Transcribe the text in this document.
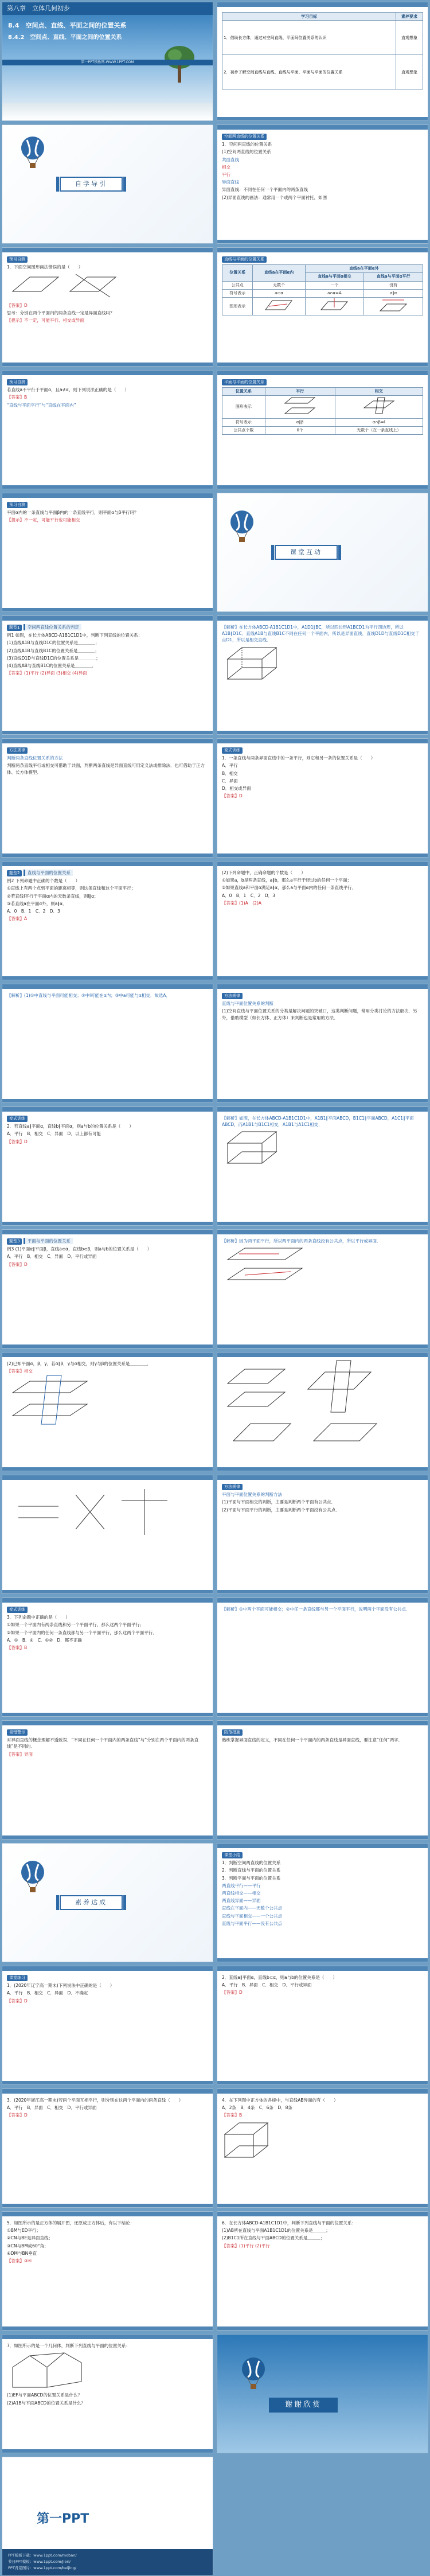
第八章　立体几何初步
8.4　空间点、直线、平面之间的位置关系
8.4.2　空间点、直线、平面之间的位置关系
第一PPT模板网-WWW.1PPT.COM
学习目标	素养要求
1．借助长方体，通过对空间直线、平面间位置关系的认识	直观想象
2．初步了解空间直线与直线、直线与平面、平面与平面的位置关系	直观想象
自学导引

空间两直线的位置关系

1．空间两直线的位置关系

(1)空间两直线的位置关系

共面直线

相交

平行

异面直线

异面直线：不同在任何一个平面内的两条直线

(2)异面直线的画法：通常用一个或两个平面衬托，如图

预习自测

1．下面空间图形画法错误的是（　　）

【答案】D

思考：分别在两个平面内的两条直线一定是异面直线吗？

【提示】不一定，可能平行、相交或异面

直线与平面的位置关系

位置关系	直线a在平面α内	直线a在平面α外	
		直线a与平面α相交	直线a与平面α平行
公共点	无数个	一个	没有
符号表示	a⊂α	a∩α=A	a∥α
图形表示			

预习自测

若直线a不平行于平面α，且a⊄α，则下列说法正确的是（　　）

【答案】B

“直线与平面平行”与“直线在平面内”

平面与平面的位置关系

位置关系	平行	相交
图形表示		
符号表示	α∥β	α∩β=l
公共点个数	0个	无数个（在一条直线上）

预习自测

平面α内的一条直线与平面β内的一条直线平行，则平面α与β平行吗？

【提示】不一定，可能平行也可能相交

课堂互动

题型1 空间两直线位置关系的判定

例1 如图，在长方体ABCD-A1B1C1D1中，判断下列直线的位置关系：

(1)直线A1B与直线D1C的位置关系是＿＿＿＿；

(2)直线A1B与直线B1C的位置关系是＿＿＿＿；

(3)直线D1D与直线D1C的位置关系是＿＿＿＿；

(4)直线AB与直线B1C的位置关系是＿＿＿＿．

【答案】(1)平行 (2)异面 (3)相交 (4)异面

【解析】在长方体ABCD-A1B1C1D1中，A1D1∥BC，所以四边形A1BCD1为平行四边形，所以A1B∥D1C．直线A1B与直线B1C不同在任何一个平面内，所以是异面直线．直线D1D与直线D1C相交于点D1，所以是相交直线．

方法规律

判断两条直线位置关系的方法

判断两条直线平行或相交可借助于共面，判断两条直线是异面直线可用定义法或排除法．也可借助于正方体、长方体模型．

变式训练

1．一条直线与两条异面直线中的一条平行，则它和另一条的位置关系是（　　）

A．平行

B．相交

C．异面

D．相交或异面

【答案】D

题型2 直线与平面的位置关系

例2 下列命题中正确的个数是（　　）

①直线上有两个点到平面的距离相等，则这条直线和这个平面平行；

②若直线l平行于平面α内的无数条直线，则l∥α；

③若直线a在平面α外，则a∥α．

A．0　 B．1　 C．2　 D．3

【答案】A

(2)下列命题中，正确命题的个数是（　　）

①如果a，b是两条直线，a∥b，那么a平行于经过b的任何一个平面；

②如果直线a和平面α满足a∥α，那么a与平面α内的任何一条直线平行．

A．0　 B．1　 C．2　 D．3

【答案】(1)A　(2)A

【解析】(1)①中直线与平面可能相交；②中l可能在α内；③中a可能与α相交．故选A．	方法规律

直线与平面位置关系的判断

(1)空间直线与平面位置关系的分类是解决问题的突破口，这类判断问题，常用分类讨论的方法解决．另外，借助模型（如长方体、正方体）来判断也是常用的方法．

变式训练

2．若直线a∥平面α，直线b∥平面α，则a与b的位置关系是（　　）

A．平行　 B．相交　 C．异面　 D．以上都有可能

【答案】D

【解析】如图，在长方体ABCD-A1B1C1D1中，A1B1∥平面ABCD，B1C1∥平面ABCD，A1C1∥平面ABCD，而A1B1与B1C1相交，A1B1与A1C1相交．

题型3 平面与平面的位置关系

例3 (1)平面α∥平面β，直线a⊂α，直线b⊂β，则a与b的位置关系是（　　）

A．平行　 B．相交　 C．异面　 D．平行或异面

【答案】D

【解析】因为两平面平行，所以两平面内的两条直线没有公共点，所以平行或异面．

(2)已知平面α，β，γ，若α∥β，γ与α相交，则γ与β的位置关系是＿＿＿＿．

【答案】相交

方法规律

平面与平面位置关系的判断方法

(1)平面与平面相交的判断，主要是判断两个平面有公共点．

(2)平面与平面平行的判断，主要是判断两个平面没有公共点．

变式训练

3．下列命题中正确的是（　　）

①如果一个平面内有两条直线和另一个平面平行，那么这两个平面平行；

②如果一个平面内的任何一条直线都与另一个平面平行，那么这两个平面平行．

A．①　 B．②　 C．①②　 D．都不正确

【答案】B

【解析】①中两个平面可能相交；②中任一条直线都与另一个平面平行，说明两个平面没有公共点．

易错警示

对异面直线的概念理解不透致误．“不同在任何一个平面内的两条直线”与“分别在两个平面内的两条直线”是不同的．

【答案】异面

防范措施

熟练掌握异面直线的定义，不同在任何一个平面内的两条直线是异面直线，要注意“任何”两字．

素养达成

课堂小结

1．判断空间两直线的位置关系

2．判断直线与平面的位置关系

3．判断平面与平面的位置关系

两直线平行——平行

两直线相交——相交

两直线异面——异面

直线在平面内——无数个公共点

直线与平面相交——一个公共点

直线与平面平行——没有公共点

课堂练习

1．(2020年辽宁高一期末)下列说法中正确的是（　　）

A．平行　 B．相交　 C．异面　 D．不确定

【答案】D

2．直线a∥平面α，直线b⊂α，则a与b的位置关系是（　　）

A．平行　 B．异面　 C．相交　 D．平行或异面

【答案】D

3．(2020年浙江高一期末)若两个平面互相平行，则分别在这两个平面内的两条直线（　　）

A．平行　 B．异面　 C．相交　 D．平行或异面

【答案】D

4．在下列图中正方体的各棱中，与直线AB异面的有（　　）

A．2条　 B．4条　 C．6条　 D．8条

【答案】B

5．如图所示的是正方体的展开图，还原成正方体后，有以下结论：

①BM与ED平行；

②CN与BE是异面直线；

③CN与BM成60°角；

④DM与BN垂直

【答案】③④

6．在长方体ABCD-A1B1C1D1中，判断下列直线与平面的位置关系：

(1)AB所在直线与平面A1B1C1D1的位置关系是＿＿＿；

(2)B1C1所在直线与平面ABCD的位置关系是＿＿＿；

【答案】(1)平行 (2)平行

7．如图所示的是一个几何体，判断下列直线与平面的位置关系：

(1)EF与平面ABCD的位置关系是什么？

(2)A1B与平面ABCD的位置关系是什么？	谢谢欣赏
第一PPT
PPT模板下载：www.1ppt.com/moban/
节日PPT模板：www.1ppt.com/jieri/
PPT背景图片：www.1ppt.com/beijing/
